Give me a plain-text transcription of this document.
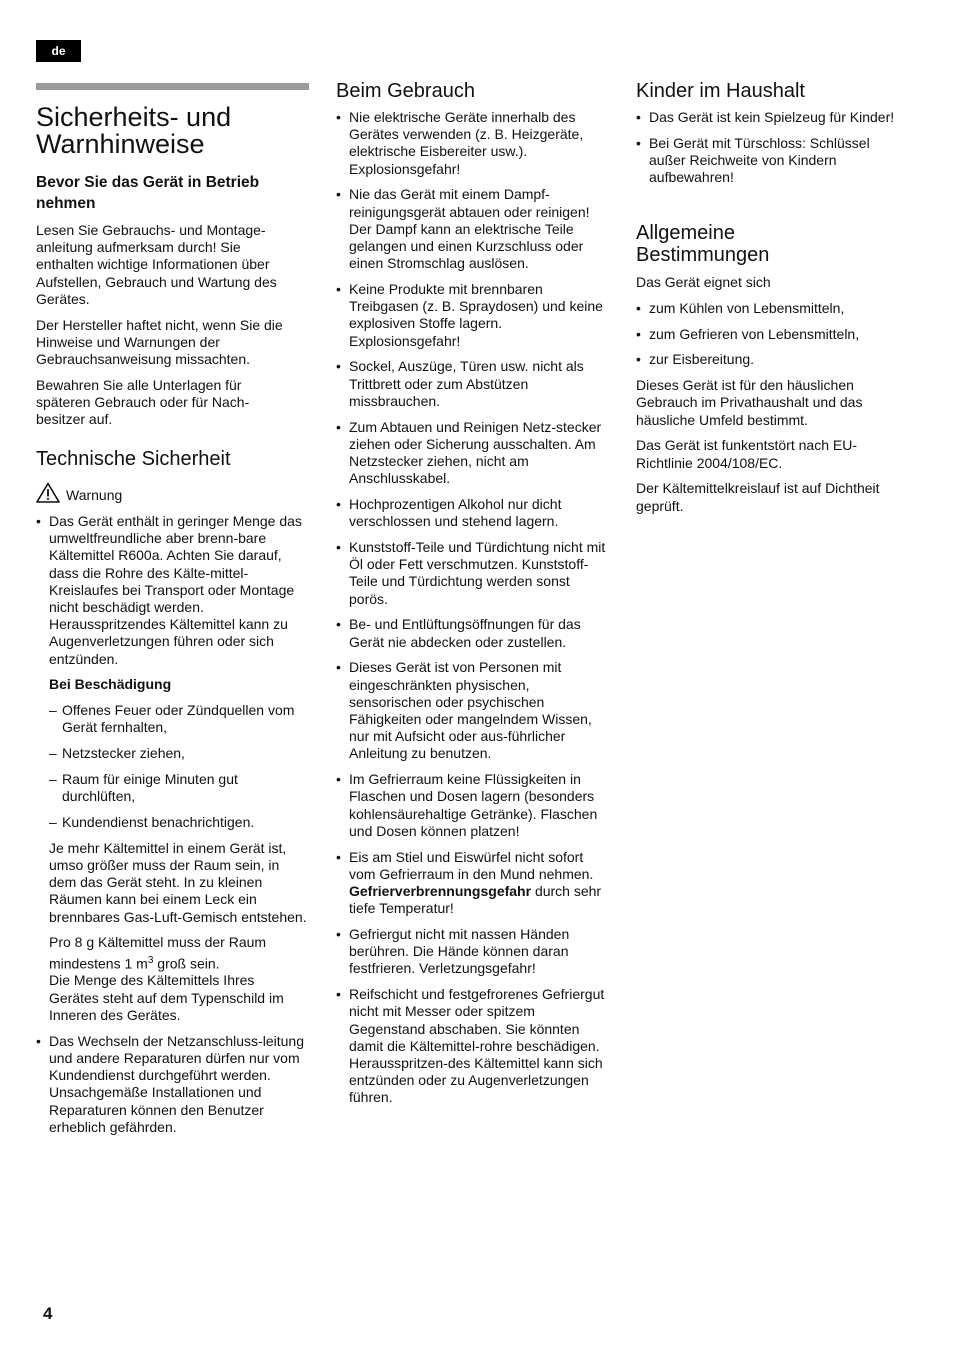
de
Sicherheits- und Warnhinweise
Bevor Sie das Gerät in Betrieb nehmen

Lesen Sie Gebrauchs- und Montage-anleitung aufmerksam durch! Sie enthalten wichtige Informationen über Aufstellen, Gebrauch und Wartung des Gerätes.

Der Hersteller haftet nicht, wenn Sie die Hinweise und Warnungen der Gebrauchsanweisung missachten.

Bewahren Sie alle Unterlagen für späteren Gebrauch oder für Nach-besitzer auf.

Technische Sicherheit
Warnung
• Das Gerät enthält in geringer Menge das umweltfreundliche aber brenn-bare Kältemittel R600a. Achten Sie darauf, dass die Rohre des Kälte-mittel-Kreislaufes bei Transport oder Montage nicht beschädigt werden. Herausspritzendes Kältemittel kann zu Augenverletzungen führen oder sich entzünden.
Bei Beschädigung
– Offenes Feuer oder Zündquellen vom Gerät fernhalten,
– Netzstecker ziehen,
– Raum für einige Minuten gut durchlüften,
– Kundendienst benachrichtigen.

Je mehr Kältemittel in einem Gerät ist, umso größer muss der Raum sein, in dem das Gerät steht. In zu kleinen Räumen kann bei einem Leck ein brennbares Gas-Luft-Gemisch entstehen.

Pro 8 g Kältemittel muss der Raum mindestens 1 $m^3$ groß sein.
Die Menge des Kältemittels Ihres Gerätes steht auf dem Typenschild im Inneren des Gerätes.

• Das Wechseln der Netzanschluss-leitung und andere Reparaturen dürfen nur vom Kundendienst durchgeführt werden. Unsachgemäße Installationen und Reparaturen können den Benutzer erheblich gefährden.
Beim Gebrauch
• Nie elektrische Geräte innerhalb des Gerätes verwenden (z. B. Heizgeräte, elektrische Eisbereiter usw.). Explosionsgefahr!
• Nie das Gerät mit einem Dampf-reinigungsgerät abtauen oder reinigen! Der Dampf kann an elektrische Teile gelangen und einen Kurzschluss oder einen Stromschlag auslösen.
• Keine Produkte mit brennbaren Treibgasen (z. B. Spraydosen) und keine explosiven Stoffe lagern. Explosionsgefahr!
• Sockel, Auszüge, Türen usw. nicht als Trittbrett oder zum Abstützen missbrauchen.
• Zum Abtauen und Reinigen Netz-stecker ziehen oder Sicherung ausschalten. Am Netzstecker ziehen, nicht am Anschlusskabel.
• Hochprozentigen Alkohol nur dicht verschlossen und stehend lagern.
• Kunststoff-Teile und Türdichtung nicht mit Öl oder Fett verschmutzen. Kunststoff-Teile und Türdichtung werden sonst porös.
• Be- und Entlüftungsöffnungen für das Gerät nie abdecken oder zustellen.
• Dieses Gerät ist von Personen mit eingeschränkten physischen, sensorischen oder psychischen Fähigkeiten oder mangelndem Wissen, nur mit Aufsicht oder aus-führlicher Anleitung zu benutzen.
• Im Gefrierraum keine Flüssigkeiten in Flaschen und Dosen lagern (besonders kohlensäurehaltige Getränke). Flaschen und Dosen können platzen!
• Eis am Stiel und Eiswürfel nicht sofort vom Gefrierraum in den Mund nehmen.
Gefrierverbrennungsgefahr durch sehr tiefe Temperatur!
• Gefriergut nicht mit nassen Händen berühren. Die Hände können daran festfrieren. Verletzungsgefahr!
• Reifschicht und festgefrorenes Gefriergut nicht mit Messer oder spitzem Gegenstand abschaben. Sie könnten damit die Kältemittel-rohre beschädigen. Herausspritzen-des Kältemittel kann sich entzünden oder zu Augenverletzungen führen.
Kinder im Haushalt
• Das Gerät ist kein Spielzeug für Kinder!
• Bei Gerät mit Türschloss: Schlüssel außer Reichweite von Kindern aufbewahren!
Allgemeine Bestimmungen

Das Gerät eignet sich

• zum Kühlen von Lebensmitteln,
• zum Gefrieren von Lebensmitteln,
• zur Eisbereitung.

Dieses Gerät ist für den häuslichen Gebrauch im Privathaushalt und das häusliche Umfeld bestimmt.

Das Gerät ist funkentstört nach EU-Richtlinie 2004/108/EC.

Der Kältemittelkreislauf ist auf Dichtheit geprüft.

4
